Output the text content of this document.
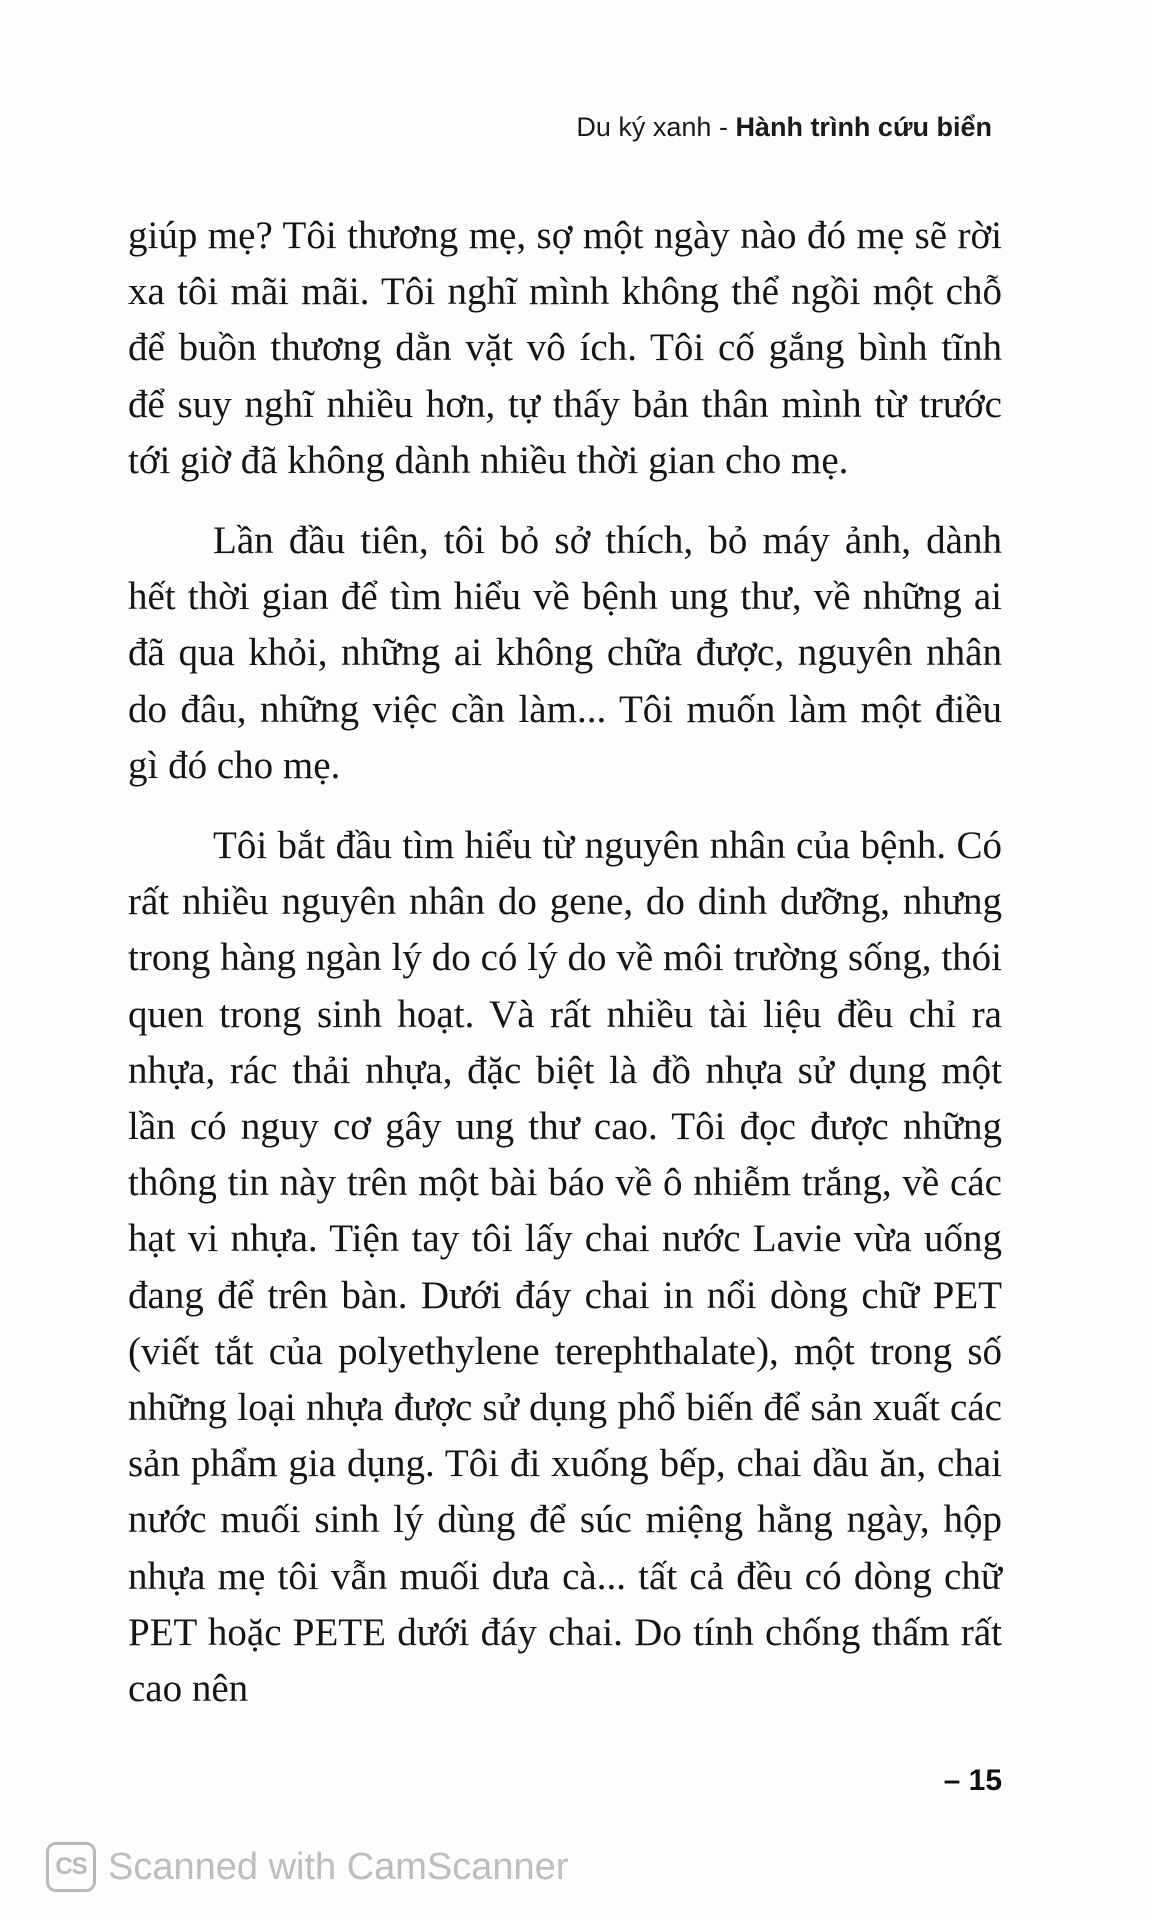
Du ký xanh - Hành trình cứu biển

giúp mẹ? Tôi thương mẹ, sợ một ngày nào đó mẹ sẽ rời xa tôi mãi mãi. Tôi nghĩ mình không thể ngồi một chỗ để buồn thương dằn vặt vô ích. Tôi cố gắng bình tĩnh để suy nghĩ nhiều hơn, tự thấy bản thân mình từ trước tới giờ đã không dành nhiều thời gian cho mẹ.

Lần đầu tiên, tôi bỏ sở thích, bỏ máy ảnh, dành hết thời gian để tìm hiểu về bệnh ung thư, về những ai đã qua khỏi, những ai không chữa được, nguyên nhân do đâu, những việc cần làm... Tôi muốn làm một điều gì đó cho mẹ.

Tôi bắt đầu tìm hiểu từ nguyên nhân của bệnh. Có rất nhiều nguyên nhân do gene, do dinh dưỡng, nhưng trong hàng ngàn lý do có lý do về môi trường sống, thói quen trong sinh hoạt. Và rất nhiều tài liệu đều chỉ ra nhựa, rác thải nhựa, đặc biệt là đồ nhựa sử dụng một lần có nguy cơ gây ung thư cao. Tôi đọc được những thông tin này trên một bài báo về ô nhiễm trắng, về các hạt vi nhựa. Tiện tay tôi lấy chai nước Lavie vừa uống đang để trên bàn. Dưới đáy chai in nổi dòng chữ PET (viết tắt của polyethylene terephthalate), một trong số những loại nhựa được sử dụng phổ biến để sản xuất các sản phẩm gia dụng. Tôi đi xuống bếp, chai dầu ăn, chai nước muối sinh lý dùng để súc miệng hằng ngày, hộp nhựa mẹ tôi vẫn muối dưa cà... tất cả đều có dòng chữ PET hoặc PETE dưới đáy chai. Do tính chống thấm rất cao nên

– 15
CS Scanned with CamScanner
